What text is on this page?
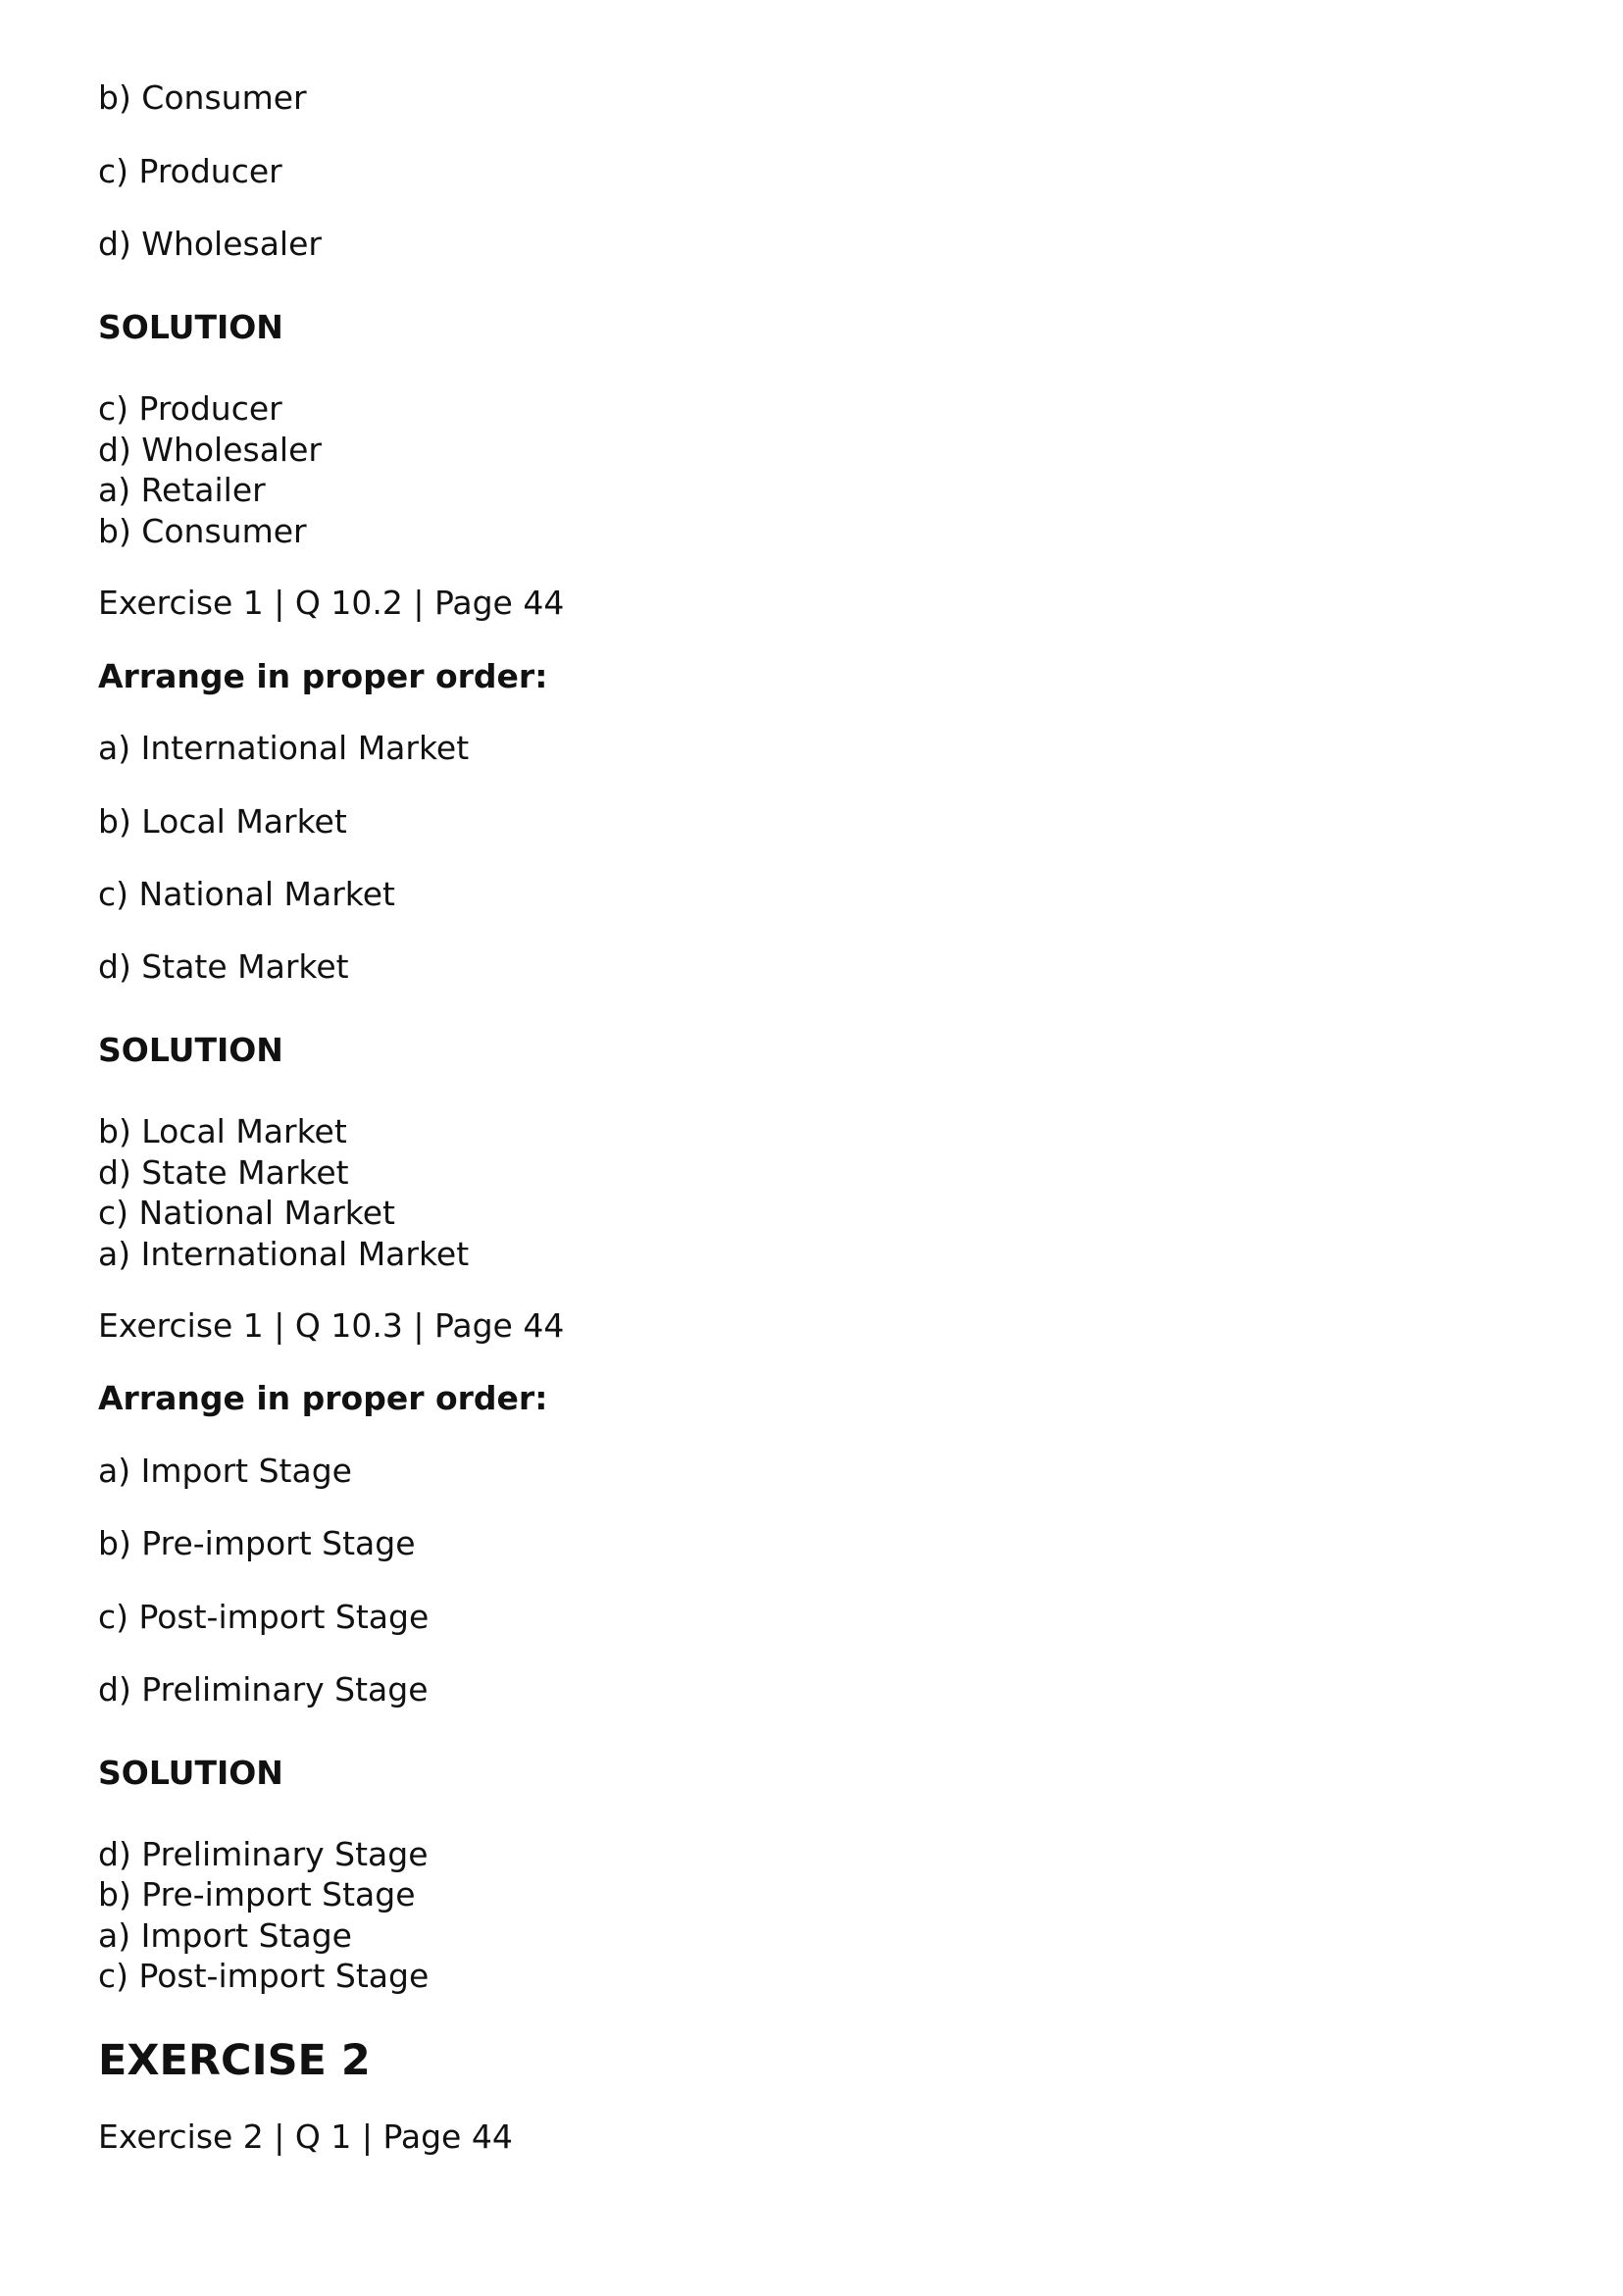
b) Consumer
c) Producer
d) Wholesaler
SOLUTION
c) Producer
d) Wholesaler
a) Retailer
b) Consumer
Exercise 1 | Q 10.2 | Page 44
Arrange in proper order:
a) International Market
b) Local Market
c) National Market
d) State Market
SOLUTION
b) Local Market
d) State Market
c) National Market
a) International Market
Exercise 1 | Q 10.3 | Page 44
Arrange in proper order:
a) Import Stage
b) Pre-import Stage
c) Post-import Stage
d) Preliminary Stage
SOLUTION
d) Preliminary Stage
b) Pre-import Stage
a) Import Stage
c) Post-import Stage
EXERCISE 2
Exercise 2 | Q 1 | Page 44
